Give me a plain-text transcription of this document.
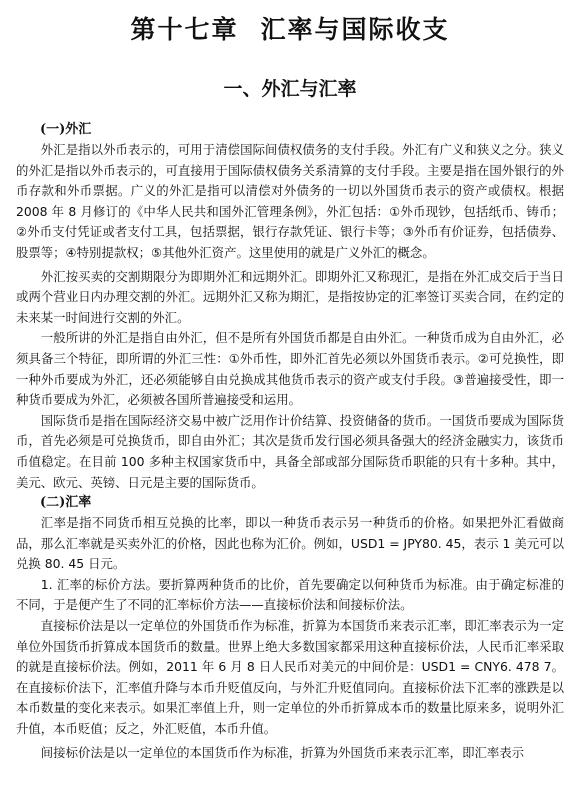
第十七章 汇率与国际收支
一、外汇与汇率
(一)外汇

外汇是指以外币表示的，可用于清偿国际间债权债务的支付手段。外汇有广义和狭义之分。狭义的外汇是指以外币表示的，可直接用于国际债权债务关系清算的支付手段。主要是指在国外银行的外币存款和外币票据。广义的外汇是指可以清偿对外债务的一切以外国货币表示的资产或债权。根据 2008 年 8 月修订的《中华人民共和国外汇管理条例》，外汇包括：①外币现钞，包括纸币、铸币；②外币支付凭证或者支付工具，包括票据，银行存款凭证、银行卡等；③外币有价证券，包括债券、股票等；④特别提款权；⑤其他外汇资产。这里使用的就是广义外汇的概念。

外汇按买卖的交割期限分为即期外汇和远期外汇。即期外汇又称现汇，是指在外汇成交后于当日或两个营业日内办理交割的外汇。远期外汇又称为期汇，是指按协定的汇率签订买卖合同，在约定的未来某一时间进行交割的外汇。

一般所讲的外汇是指自由外汇，但不是所有外国货币都是自由外汇。一种货币成为自由外汇，必须具备三个特征，即所谓的外汇三性：①外币性，即外汇首先必须以外国货币表示。②可兑换性，即一种外币要成为外汇，还必须能够自由兑换成其他货币表示的资产或支付手段。③普遍接受性，即一种货币要成为外汇，必须被各国所普遍接受和运用。

国际货币是指在国际经济交易中被广泛用作计价结算、投资储备的货币。一国货币要成为国际货币，首先必须是可兑换货币，即自由外汇；其次是货币发行国必须具备强大的经济金融实力，该货币币值稳定。在目前 100 多种主权国家货币中，具备全部或部分国际货币职能的只有十多种。其中，美元、欧元、英镑、日元是主要的国际货币。

(二)汇率

汇率是指不同货币相互兑换的比率，即以一种货币表示另一种货币的价格。如果把外汇看做商品，那么汇率就是买卖外汇的价格，因此也称为汇价。例如，USD1 = JPY80. 45，表示 1 美元可以兑换 80. 45 日元。

1. 汇率的标价方法。要折算两种货币的比价，首先要确定以何种货币为标准。由于确定标准的不同，于是便产生了不同的汇率标价方法——直接标价法和间接标价法。

直接标价法是以一定单位的外国货币作为标准，折算为本国货币来表示汇率，即汇率表示为一定单位外国货币折算成本国货币的数量。世界上绝大多数国家都采用这种直接标价法，人民币汇率采取的就是直接标价法。例如，2011 年 6 月 8 日人民币对美元的中间价是：USD1 = CNY6. 478 7。在直接标价法下，汇率值升降与本币升贬值反向，与外汇升贬值同向。直接标价法下汇率的涨跌是以本币数量的变化来表示。如果汇率值上升，则一定单位的外币折算成本币的数量比原来多，说明外汇升值，本币贬值；反之，外汇贬值，本币升值。

间接标价法是以一定单位的本国货币作为标准，折算为外国货币来表示汇率，即汇率表示
